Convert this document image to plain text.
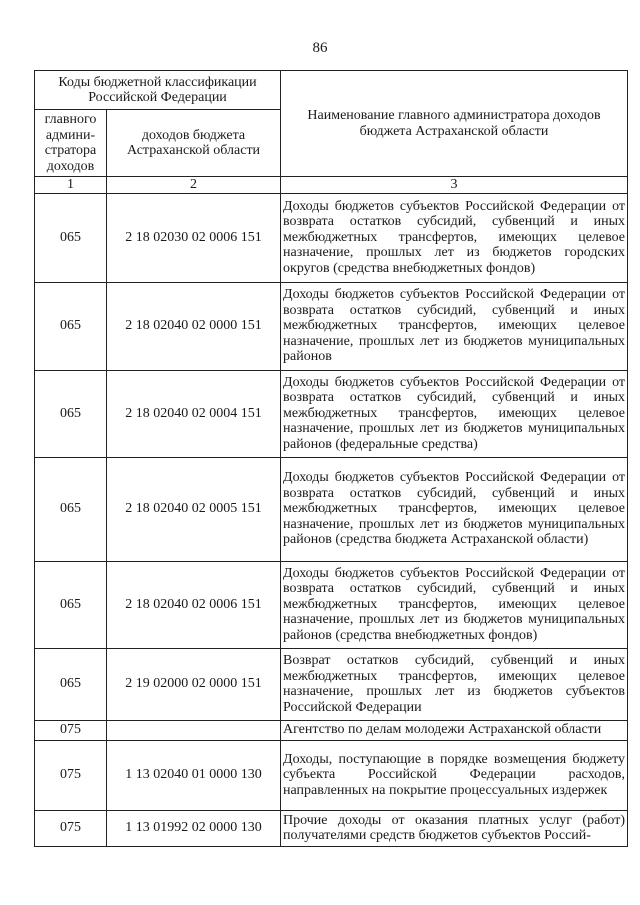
86
Коды бюджетной классификации Российской Федерации		Наименование главного администратора доходов бюджета Астраханской области
главного админи-стратора доходов	доходов бюджета Астраханской области	
1	2	3
065	2 18 02030 02 0006 151	Доходы бюджетов субъектов Российской Федерации от возврата остатков субсидий, субвенций и иных межбюджетных трансфертов, имеющих целевое назначение, прошлых лет из бюджетов городских округов (средства внебюджетных фондов)
065	2 18 02040 02 0000 151	Доходы бюджетов субъектов Российской Федерации от возврата остатков субсидий, субвенций и иных межбюджетных трансфертов, имеющих целевое назначение, прошлых лет из бюджетов муниципальных районов
065	2 18 02040 02 0004 151	Доходы бюджетов субъектов Российской Федерации от возврата остатков субсидий, субвенций и иных межбюджетных трансфертов, имеющих целевое назначение, прошлых лет из бюджетов муниципальных районов (федеральные средства)
065	2 18 02040 02 0005 151	Доходы бюджетов субъектов Российской Федерации от возврата остатков субсидий, субвенций и иных межбюджетных трансфертов, имеющих целевое назначение, прошлых лет из бюджетов муниципальных районов (средства бюджета Астраханской области)
065	2 18 02040 02 0006 151	Доходы бюджетов субъектов Российской Федерации от возврата остатков субсидий, субвенций и иных межбюджетных трансфертов, имеющих целевое назначение, прошлых лет из бюджетов муниципальных районов (средства внебюджетных фондов)
065	2 19 02000 02 0000 151	Возврат остатков субсидий, субвенций и иных межбюджетных трансфертов, имеющих целевое назначение, прошлых лет из бюджетов субъектов Российской Федерации
075		Агентство по делам молодежи Астраханской области
075	1 13 02040 01 0000 130	Доходы, поступающие в порядке возмещения бюджету субъекта Российской Федерации расходов, направленных на покрытие процессуальных издержек
075	1 13 01992 02 0000 130	Прочие доходы от оказания платных услуг (работ) получателями средств бюджетов субъектов Россий-
